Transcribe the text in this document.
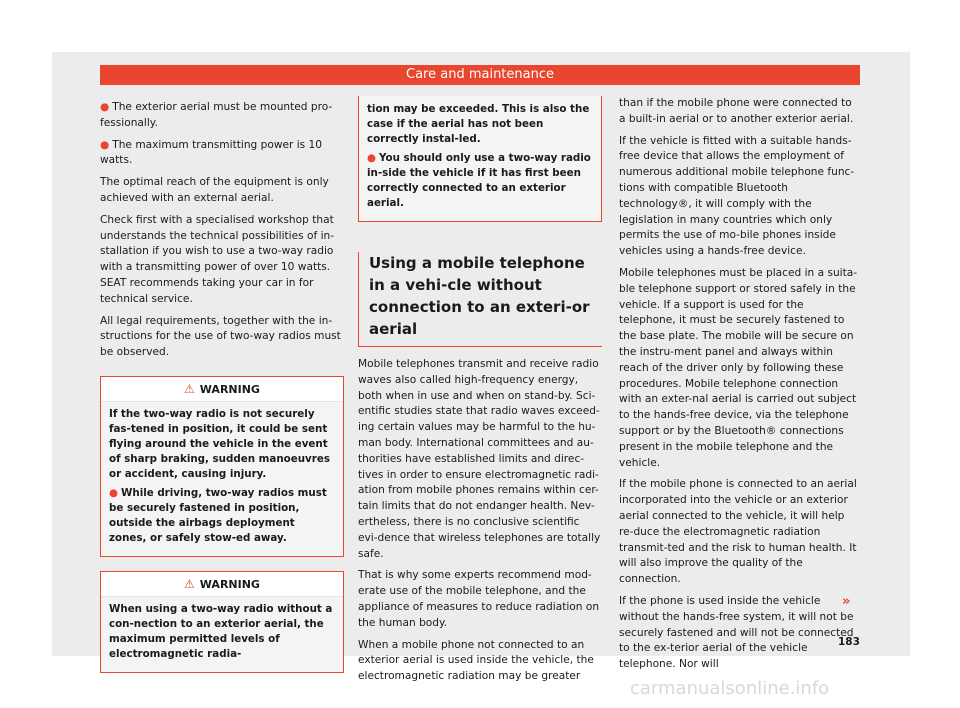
Care and maintenance

● The exterior aerial must be mounted pro-fessionally.

● The maximum transmitting power is 10 watts.

The optimal reach of the equipment is only achieved with an external aerial.

Check first with a specialised workshop that understands the technical possibilities of in-stallation if you wish to use a two-way radio with a transmitting power of over 10 watts. SEAT recommends taking your car in for technical service.

All legal requirements, together with the in-structions for the use of two-way radios must be observed.

⚠ WARNING

If the two-way radio is not securely fas-tened in position, it could be sent flying around the vehicle in the event of sharp braking, sudden manoeuvres or accident, causing injury.

● While driving, two-way radios must be securely fastened in position, outside the airbags deployment zones, or safely stow-ed away.

⚠ WARNING

When using a two-way radio without a con-nection to an exterior aerial, the maximum permitted levels of electromagnetic radia-

tion may be exceeded. This is also the case if the aerial has not been correctly instal-led.

● You should only use a two-way radio in-side the vehicle if it has first been correctly connected to an exterior aerial.

Using a mobile telephone in a vehi-cle without connection to an exteri-or aerial

Mobile telephones transmit and receive radio waves also called high-frequency energy, both when in use and when on stand-by. Sci-entific studies state that radio waves exceed-ing certain values may be harmful to the hu-man body. International committees and au-thorities have established limits and direc-tives in order to ensure electromagnetic radi-ation from mobile phones remains within cer-tain limits that do not endanger health. Nev-ertheless, there is no conclusive scientific evi-dence that wireless telephones are totally safe.

That is why some experts recommend mod-erate use of the mobile telephone, and the appliance of measures to reduce radiation on the human body.

When a mobile phone not connected to an exterior aerial is used inside the vehicle, the electromagnetic radiation may be greater

than if the mobile phone were connected to a built-in aerial or to another exterior aerial.

If the vehicle is fitted with a suitable hands-free device that allows the employment of numerous additional mobile telephone func-tions with compatible Bluetooth technology®, it will comply with the legislation in many countries which only permits the use of mo-bile phones inside vehicles using a hands-free device.

Mobile telephones must be placed in a suita-ble telephone support or stored safely in the vehicle. If a support is used for the telephone, it must be securely fastened to the base plate. The mobile will be secure on the instru-ment panel and always within reach of the driver only by following these procedures. Mobile telephone connection with an exter-nal aerial is carried out subject to the hands-free device, via the telephone support or by the Bluetooth® connections present in the mobile telephone and the vehicle.

If the mobile phone is connected to an aerial incorporated into the vehicle or an exterior aerial connected to the vehicle, it will help re-duce the electromagnetic radiation transmit-ted and the risk to human health. It will also improve the quality of the connection.

If the phone is used inside the vehicle without the hands-free system, it will not be securely fastened and will not be connected to the ex-terior aerial of the vehicle telephone. Nor will

»
183
carmanualsonline.info
